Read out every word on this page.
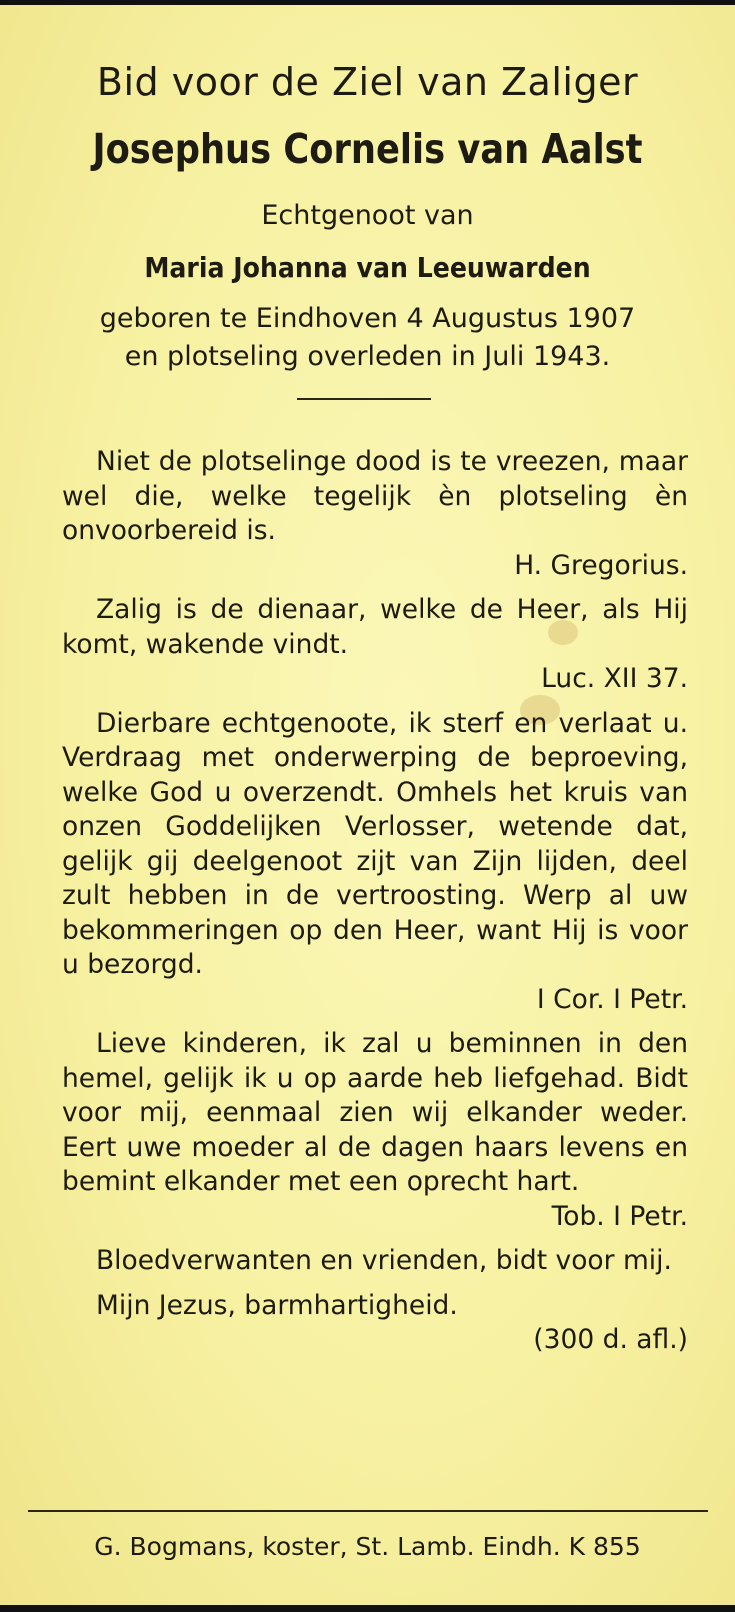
Bid voor de Ziel van Zaliger
Josephus Cornelis van Aalst
Echtgenoot van
Maria Johanna van Leeuwarden
geboren te Eindhoven 4 Augustus 1907
en plotseling overleden in Juli 1943.

Niet de plotselinge dood is te vreezen, maar wel die, welke tegelijk èn plotseling èn onvoorbereid is.

H. Gregorius.

Zalig is de dienaar, welke de Heer, als Hij komt, wakende vindt.

Luc. XII 37.

Dierbare echtgenoote, ik sterf en verlaat u. Verdraag met onderwerping de beproeving, welke God u overzendt. Omhels het kruis van onzen Goddelijken Verlosser, wetende dat, gelijk gij deelgenoot zijt van Zijn lijden, deel zult hebben in de vertroosting. Werp al uw bekommeringen op den Heer, want Hij is voor u bezorgd.

I Cor. I Petr.

Lieve kinderen, ik zal u beminnen in den hemel, gelijk ik u op aarde heb liefgehad. Bidt voor mij, eenmaal zien wij elkander weder. Eert uwe moeder al de dagen haars levens en bemint elkander met een oprecht hart.

Tob. I Petr.

Bloedverwanten en vrienden, bidt voor mij.

Mijn Jezus, barmhartigheid.

(300 d. afl.)

G. Bogmans, koster, St. Lamb. Eindh. K 855
